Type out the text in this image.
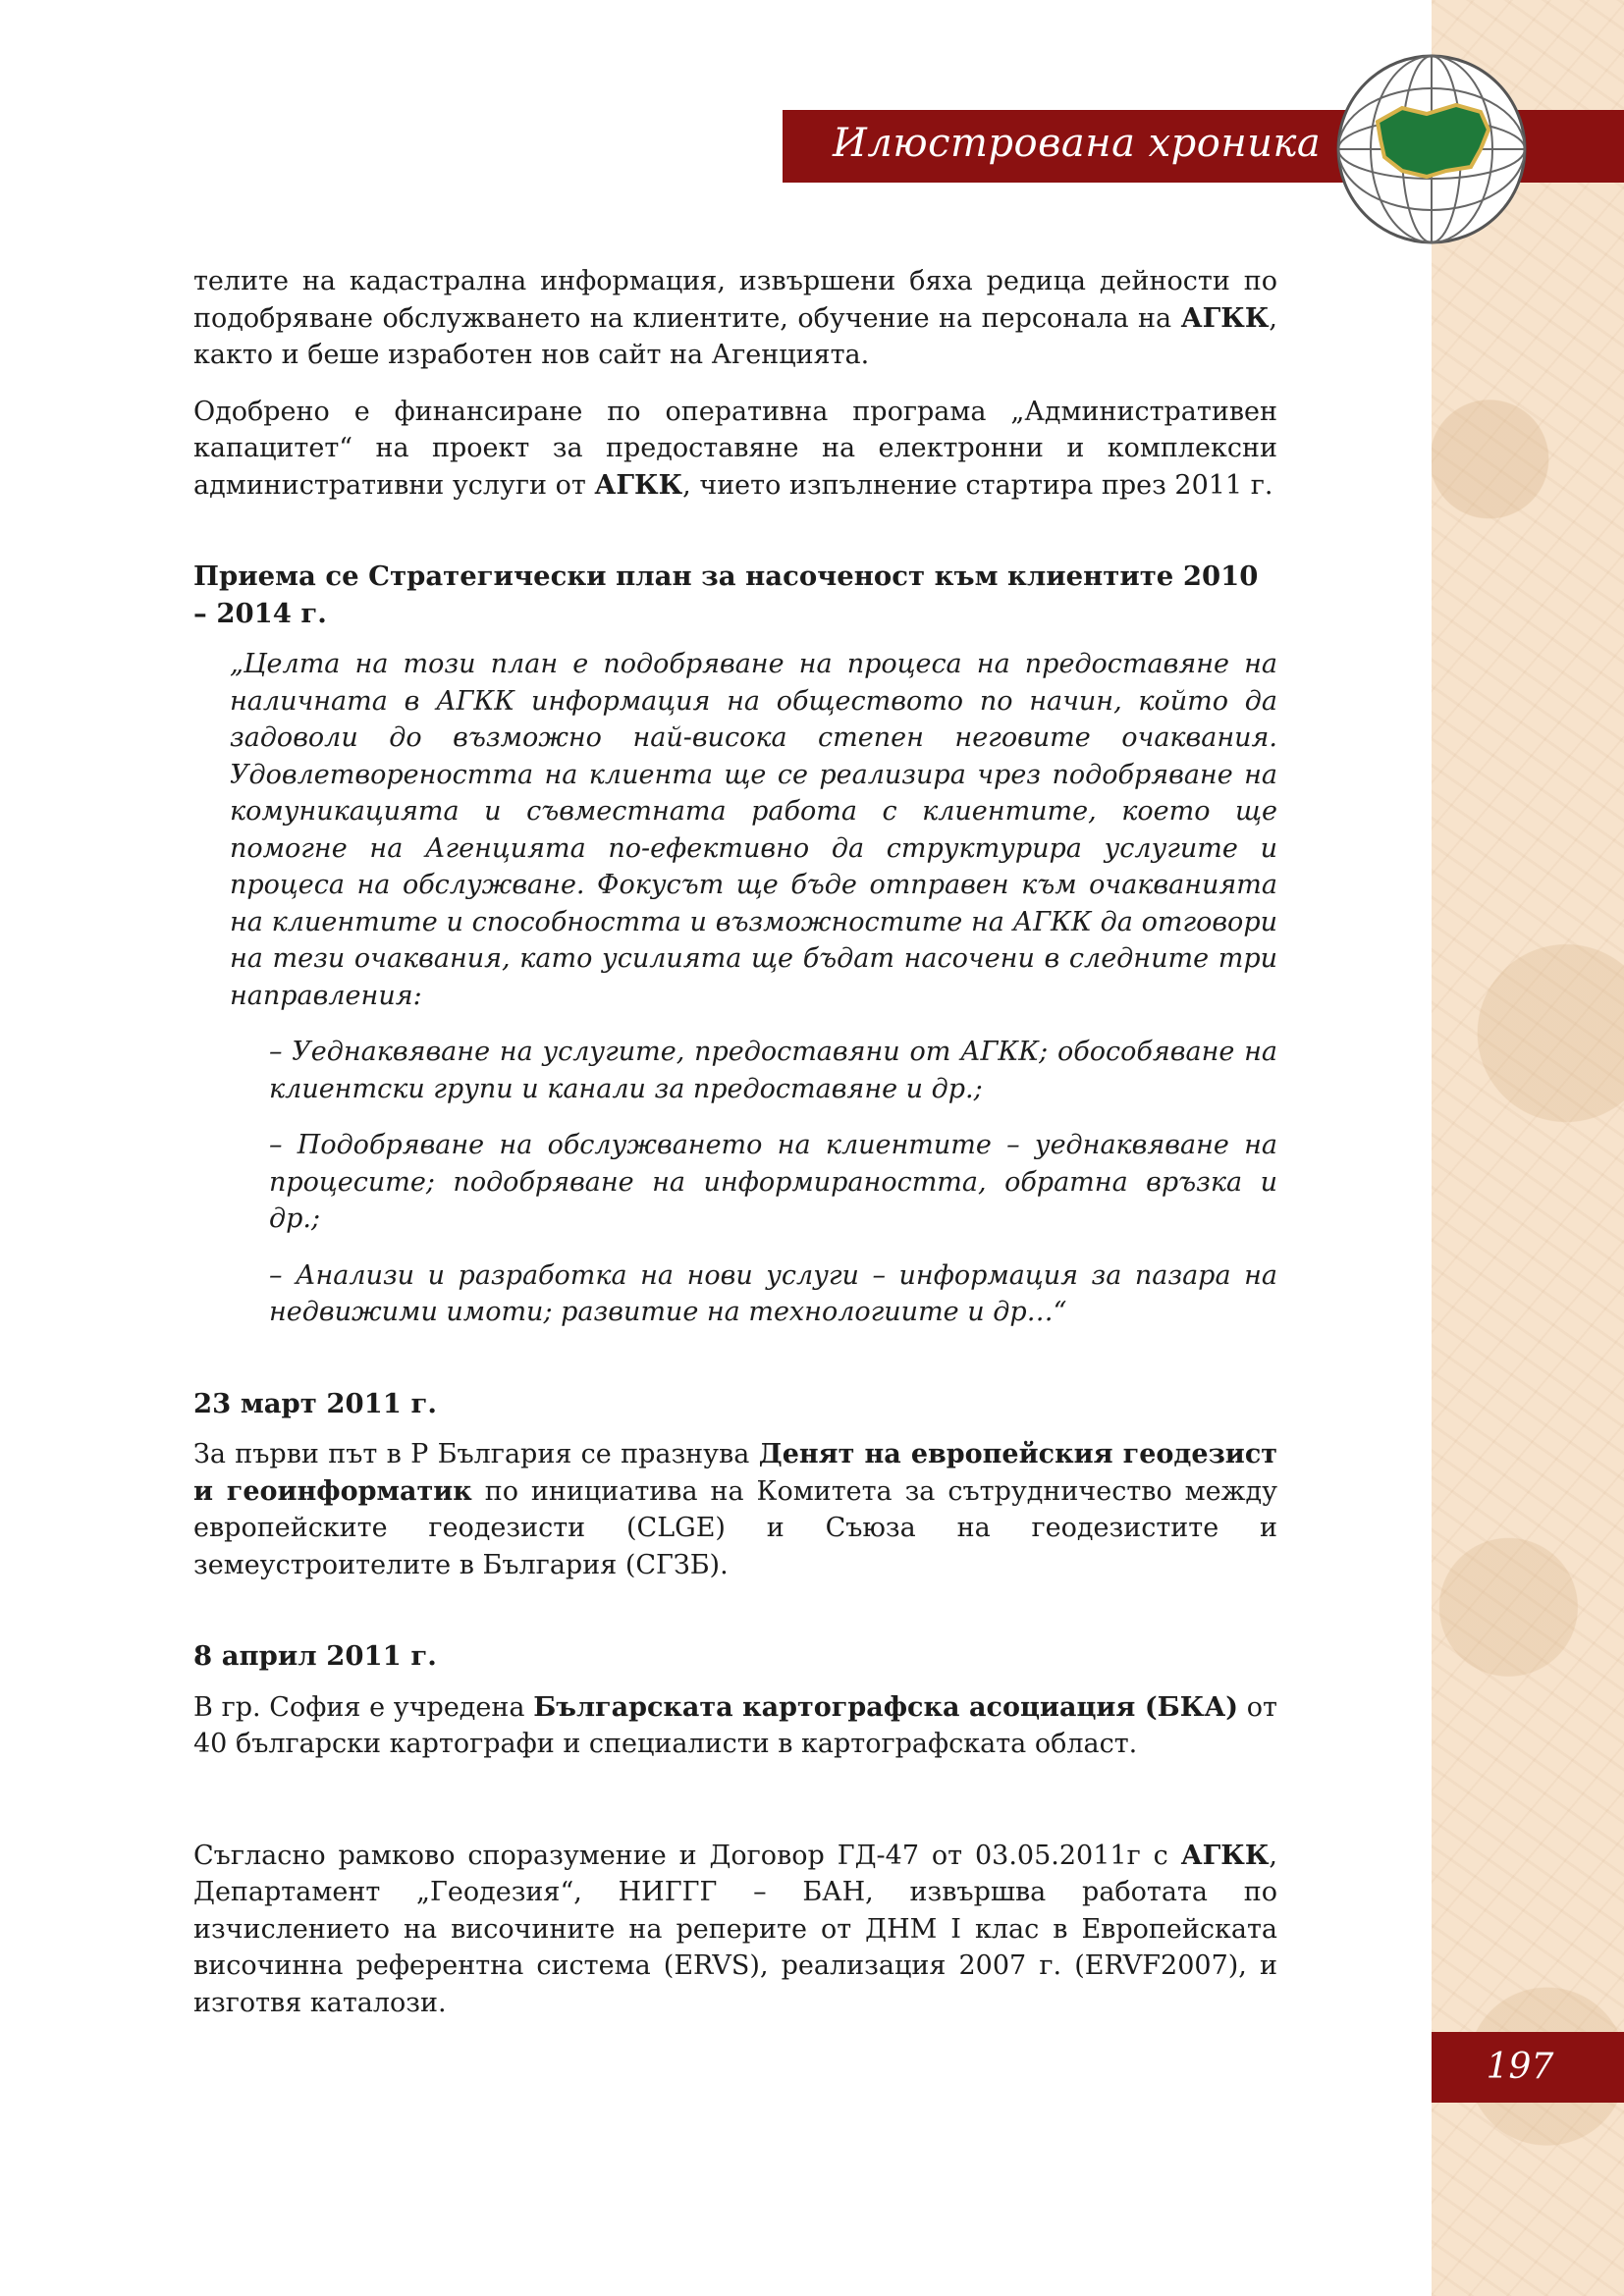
Илюстрована хроника
197

телите на кадастрална информация, извършени бяха редица дейности по подобряване обслужването на клиентите, обучение на персонала на АГКК, както и беше изработен нов сайт на Агенцията.

Одобрено е финансиране по оперативна програма „Административен капацитет“ на проект за предоставяне на електронни и комплексни административни услуги от АГКК, чието изпълнение стартира през 2011 г.

Приема се Стратегически план за насоченост към клиентите 2010 – 2014 г.

„Целта на този план е подобряване на процеса на предоставяне на наличната в АГКК информация на обществото по начин, който да задоволи до възможно най-висока степен неговите очаквания. Удовлетвореността на клиента ще се реализира чрез подобряване на комуникацията и съвместната работа с клиентите, което ще помогне на Агенцията по-ефективно да структурира услугите и процеса на обслужване. Фокусът ще бъде отправен към очакванията на клиентите и способността и възможностите на АГКК да отговори на тези очаквания, като усилията ще бъдат насочени в следните три направления:

– Уеднаквяване на услугите, предоставяни от АГКК; обособяване на клиентски групи и канали за предоставяне и др.;

– Подобряване на обслужването на клиентите – уеднаквяване на процесите; подобряване на информираността, обратна връзка и др.;

– Анализи и разработка на нови услуги – информация за пазара на недвижими имоти; развитие на технологиите и др…“

23 март 2011 г.

За първи път в Р България се празнува Денят на европейския геодезист и геоинформатик по инициатива на Комитета за сътрудничество между европейските геодезисти (CLGE) и Съюза на геодезистите и земеустроителите в България (СГЗБ).

8 април 2011 г.

В гр. София е учредена Българската картографска асоциация (БКА) от 40 български картографи и специалисти в картографската област.

Съгласно рамково споразумение и Договор ГД-47 от 03.05.2011г с АГКК, Департамент „Геодезия“, НИГГГ – БАН, извършва работата по изчислението на височините на реперите от ДНМ I клас в Европейската височинна референтна система (ERVS), реализация 2007 г. (ERVF2007), и изготвя каталози.
